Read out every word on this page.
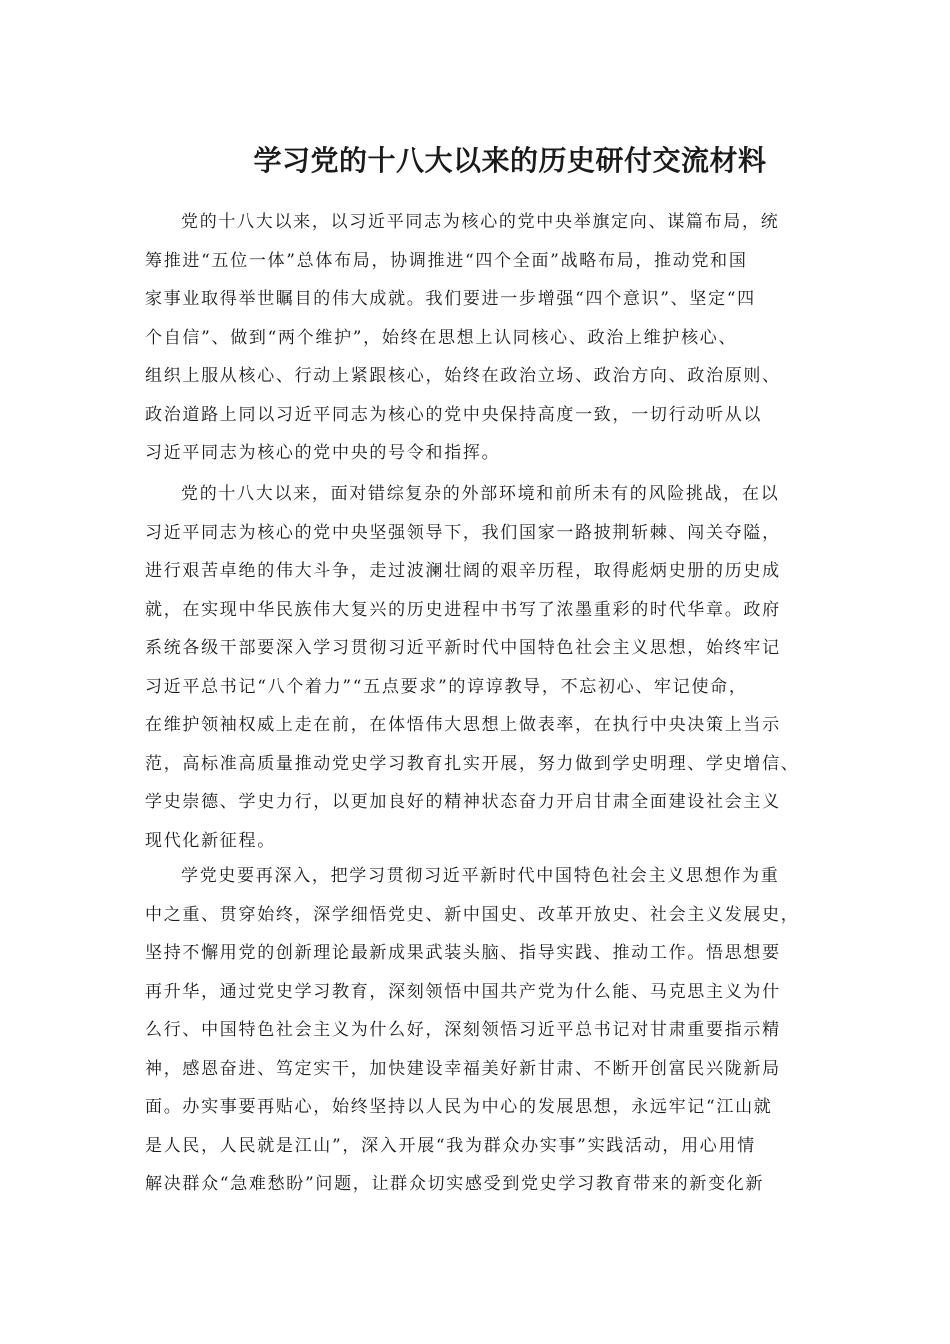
学习党的十八大以来的历史研付交流材料
党的十八大以来，以习近平同志为核心的党中央举旗定向、谋篇布局，统
筹推进“五位一体”总体布局，协调推进“四个全面”战略布局，推动党和国
家事业取得举世瞩目的伟大成就。我们要进一步增强“四个意识”、坚定“四
个自信”、做到“两个维护”，始终在思想上认同核心、政治上维护核心、
组织上服从核心、行动上紧跟核心，始终在政治立场、政治方向、政治原则、
政治道路上同以习近平同志为核心的党中央保持高度一致，一切行动听从以
习近平同志为核心的党中央的号令和指挥。
党的十八大以来，面对错综复杂的外部环境和前所未有的风险挑战，在以
习近平同志为核心的党中央坚强领导下，我们国家一路披荆斩棘、闯关夺隘，
进行艰苦卓绝的伟大斗争，走过波澜壮阔的艰辛历程，取得彪炳史册的历史成
就，在实现中华民族伟大复兴的历史进程中书写了浓墨重彩的时代华章。政府
系统各级干部要深入学习贯彻习近平新时代中国特色社会主义思想，始终牢记
习近平总书记“八个着力”“五点要求”的谆谆教导，不忘初心、牢记使命，
在维护领袖权威上走在前，在体悟伟大思想上做表率，在执行中央决策上当示
范，高标准高质量推动党史学习教育扎实开展，努力做到学史明理、学史增信、
学史崇德、学史力行，以更加良好的精神状态奋力开启甘肃全面建设社会主义
现代化新征程。
学党史要再深入，把学习贯彻习近平新时代中国特色社会主义思想作为重
中之重、贯穿始终，深学细悟党史、新中国史、改革开放史、社会主义发展史，
坚持不懈用党的创新理论最新成果武装头脑、指导实践、推动工作。悟思想要
再升华，通过党史学习教育，深刻领悟中国共产党为什么能、马克思主义为什
么行、中国特色社会主义为什么好，深刻领悟习近平总书记对甘肃重要指示精
神，感恩奋进、笃定实干，加快建设幸福美好新甘肃、不断开创富民兴陇新局
面。办实事要再贴心，始终坚持以人民为中心的发展思想，永远牢记“江山就
是人民，人民就是江山”，深入开展“我为群众办实事”实践活动，用心用情
解决群众“急难愁盼”问题，让群众切实感受到党史学习教育带来的新变化新
